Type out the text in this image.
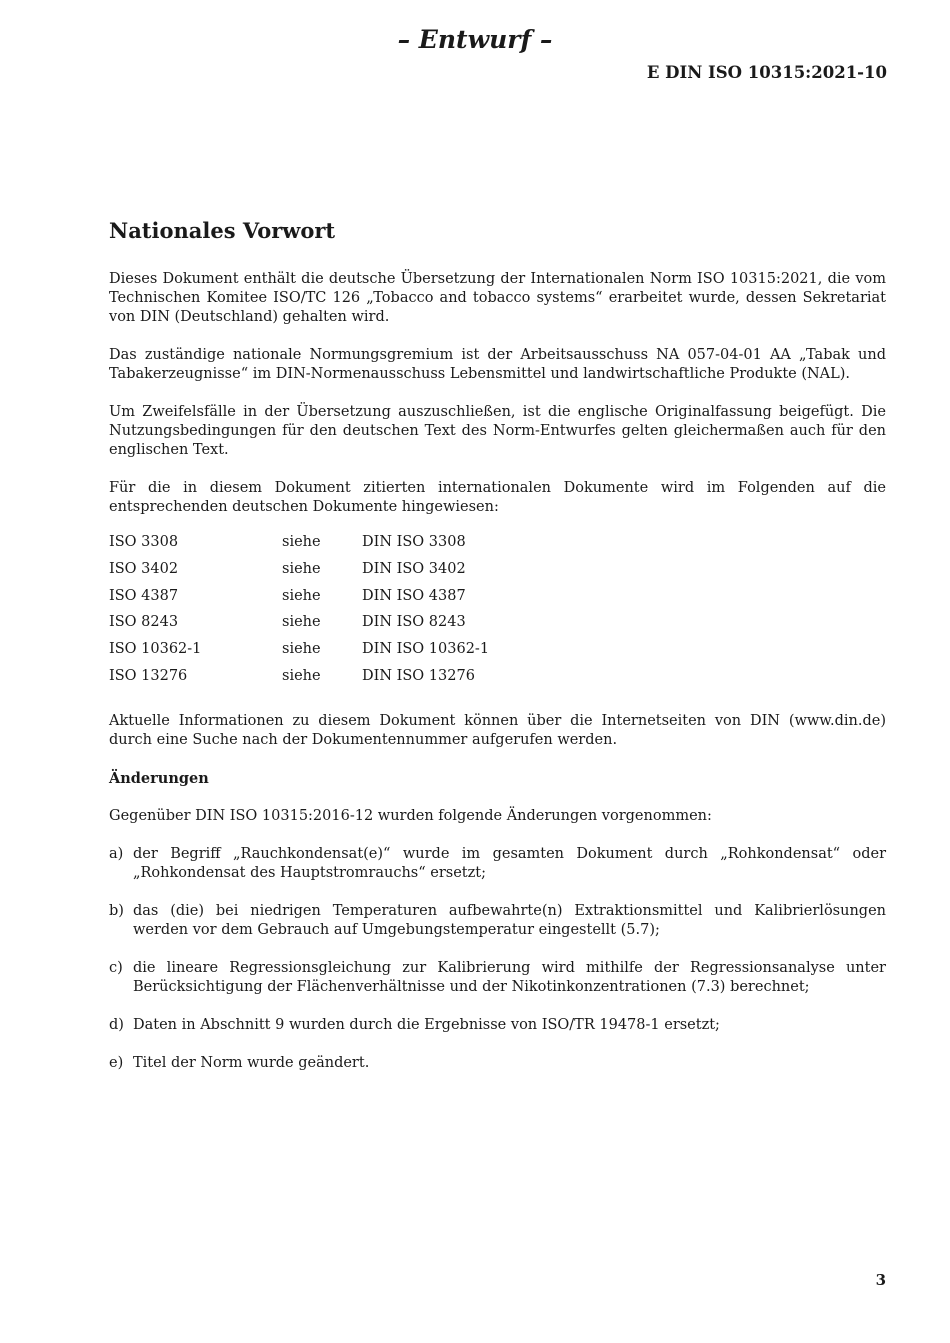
– Entwurf –
E DIN ISO 10315:2021-10
Nationales Vorwort

Dieses Dokument enthält die deutsche Übersetzung der Internationalen Norm ISO 10315:2021, die vom Technischen Komitee ISO/TC 126 „Tobacco and tobacco systems“ erarbeitet wurde, dessen Sekretariat von DIN (Deutschland) gehalten wird.

Das zuständige nationale Normungsgremium ist der Arbeitsausschuss NA 057-04-01 AA „Tabak und Tabakerzeugnisse“ im DIN-Normenausschuss Lebensmittel und landwirtschaftliche Produkte (NAL).

Um Zweifelsfälle in der Übersetzung auszuschließen, ist die englische Originalfassung beigefügt. Die Nutzungsbedingungen für den deutschen Text des Norm-Entwurfes gelten gleichermaßen auch für den englischen Text.

Für die in diesem Dokument zitierten internationalen Dokumente wird im Folgenden auf die entsprechenden deutschen Dokumente hingewiesen:

ISO 3308	siehe	DIN ISO 3308
ISO 3402	siehe	DIN ISO 3402
ISO 4387	siehe	DIN ISO 4387
ISO 8243	siehe	DIN ISO 8243
ISO 10362-1	siehe	DIN ISO 10362-1
ISO 13276	siehe	DIN ISO 13276

Aktuelle Informationen zu diesem Dokument können über die Internetseiten von DIN (www.din.de) durch eine Suche nach der Dokumentennummer aufgerufen werden.

Änderungen

Gegenüber DIN ISO 10315:2016-12 wurden folgende Änderungen vorgenommen:

a) der Begriff „Rauchkondensat(e)“ wurde im gesamten Dokument durch „Rohkondensat“ oder „Rohkondensat des Hauptstromrauchs“ ersetzt;
b) das (die) bei niedrigen Temperaturen aufbewahrte(n) Extraktionsmittel und Kalibrierlösungen werden vor dem Gebrauch auf Umgebungstemperatur eingestellt (5.7);
c) die lineare Regressionsgleichung zur Kalibrierung wird mithilfe der Regressionsanalyse unter Berücksichtigung der Flächenverhältnisse und der Nikotinkonzentrationen (7.3) berechnet;
d) Daten in Abschnitt 9 wurden durch die Ergebnisse von ISO/TR 19478-1 ersetzt;
e) Titel der Norm wurde geändert.
3
